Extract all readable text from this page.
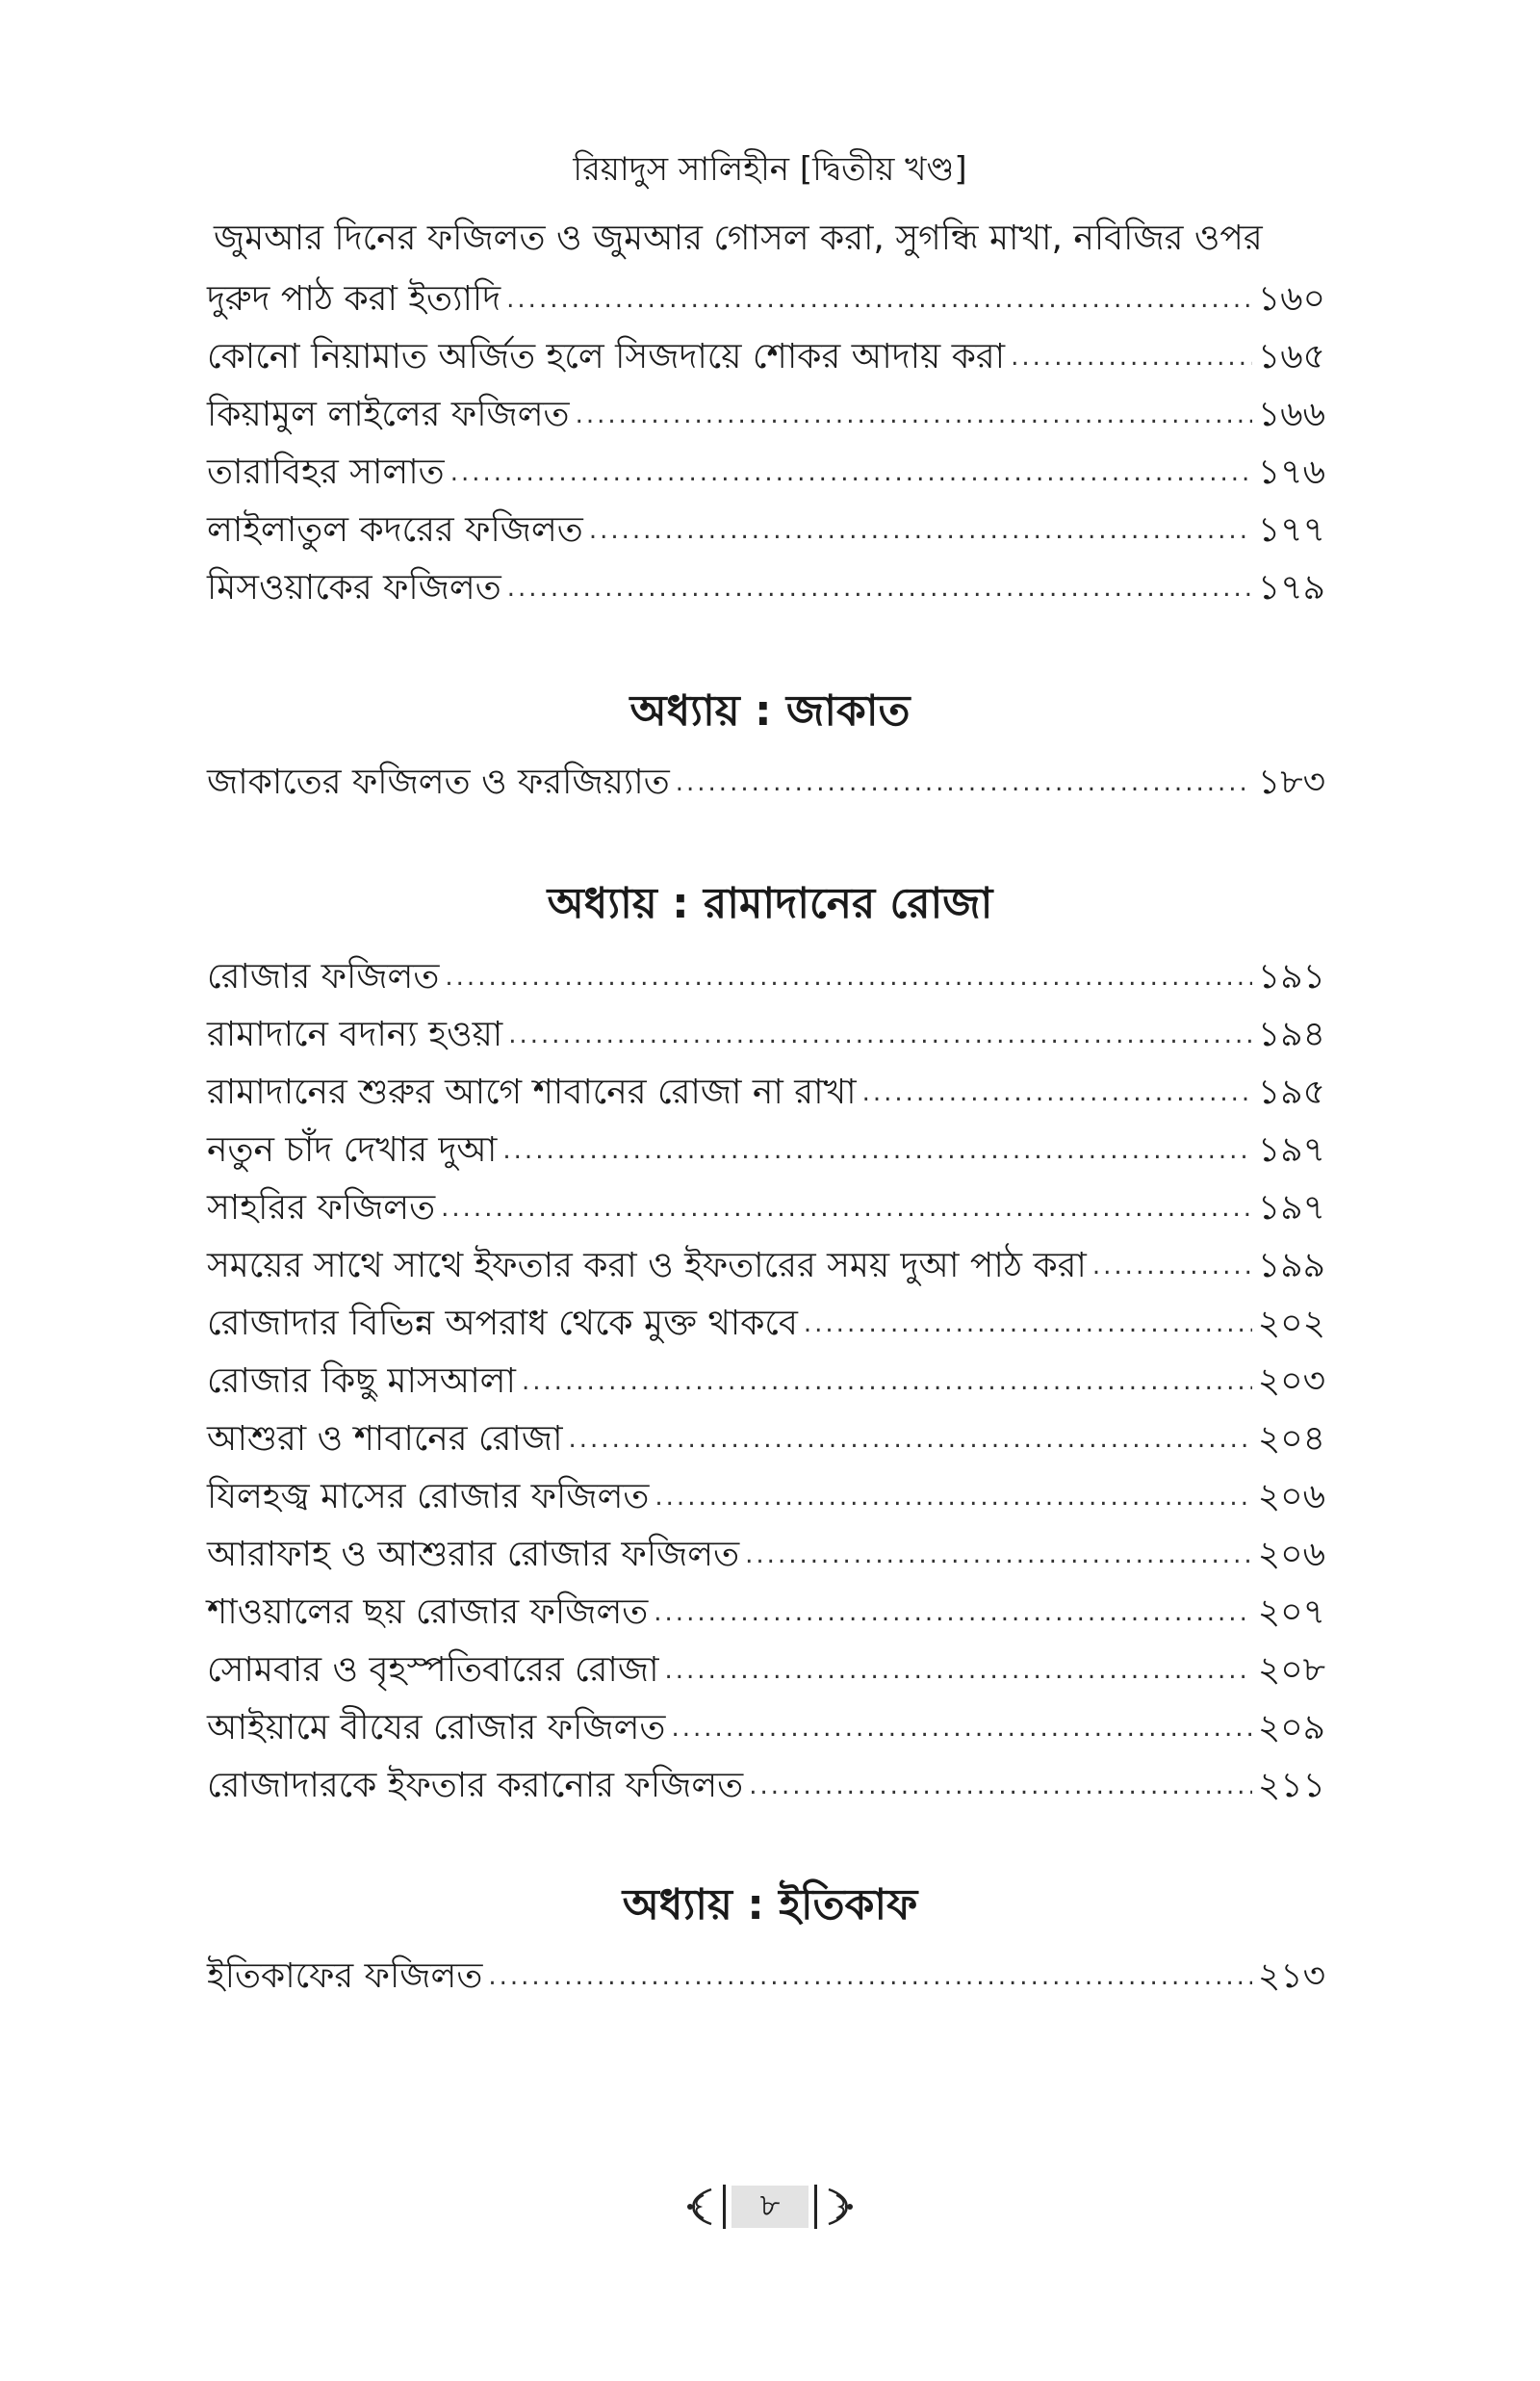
রিয়াদুস সালিহীন [দ্বিতীয় খণ্ড]
জুমআর দিনের ফজিলত ও জুমআর গোসল করা, সুগন্ধি মাখা, নবিজির ওপর
দুরুদ পাঠ করা ইত্যাদি .....	১৬০
কোনো নিয়ামাত অর্জিত হলে সিজদায়ে শোকর আদায় করা .....	১৬৫
কিয়ামুল লাইলের ফজিলত .....	১৬৬
তারাবিহর সালাত .....	১৭৬
লাইলাতুল কদরের ফজিলত .....	১৭৭
মিসওয়াকের ফজিলত .....	১৭৯
অধ্যায় : জাকাত
জাকাতের ফজিলত ও ফরজিয়্যাত .....	১৮৩
অধ্যায় : রামাদানের রোজা
রোজার ফজিলত .....	১৯১
রামাদানে বদান্য হওয়া .....	১৯৪
রামাদানের শুরুর আগে শাবানের রোজা না রাখা .....	১৯৫
নতুন চাঁদ দেখার দুআ .....	১৯৭
সাহরির ফজিলত .....	১৯৭
সময়ের সাথে সাথে ইফতার করা ও ইফতারের সময় দুআ পাঠ করা .....	১৯৯
রোজাদার বিভিন্ন অপরাধ থেকে মুক্ত থাকবে .....	২০২
রোজার কিছু মাসআলা .....	২০৩
আশুরা ও শাবানের রোজা .....	২০৪
যিলহজ্ব মাসের রোজার ফজিলত .....	২০৬
আরাফাহ ও আশুরার রোজার ফজিলত .....	২০৬
শাওয়ালের ছয় রোজার ফজিলত .....	২০৭
সোমবার ও বৃহস্পতিবারের রোজা .....	২০৮
আইয়ামে বীযের রোজার ফজিলত .....	২০৯
রোজাদারকে ইফতার করানোর ফজিলত .....	২১১
অধ্যায় : ইতিকাফ
ইতিকাফের ফজিলত .....	২১৩
৮
